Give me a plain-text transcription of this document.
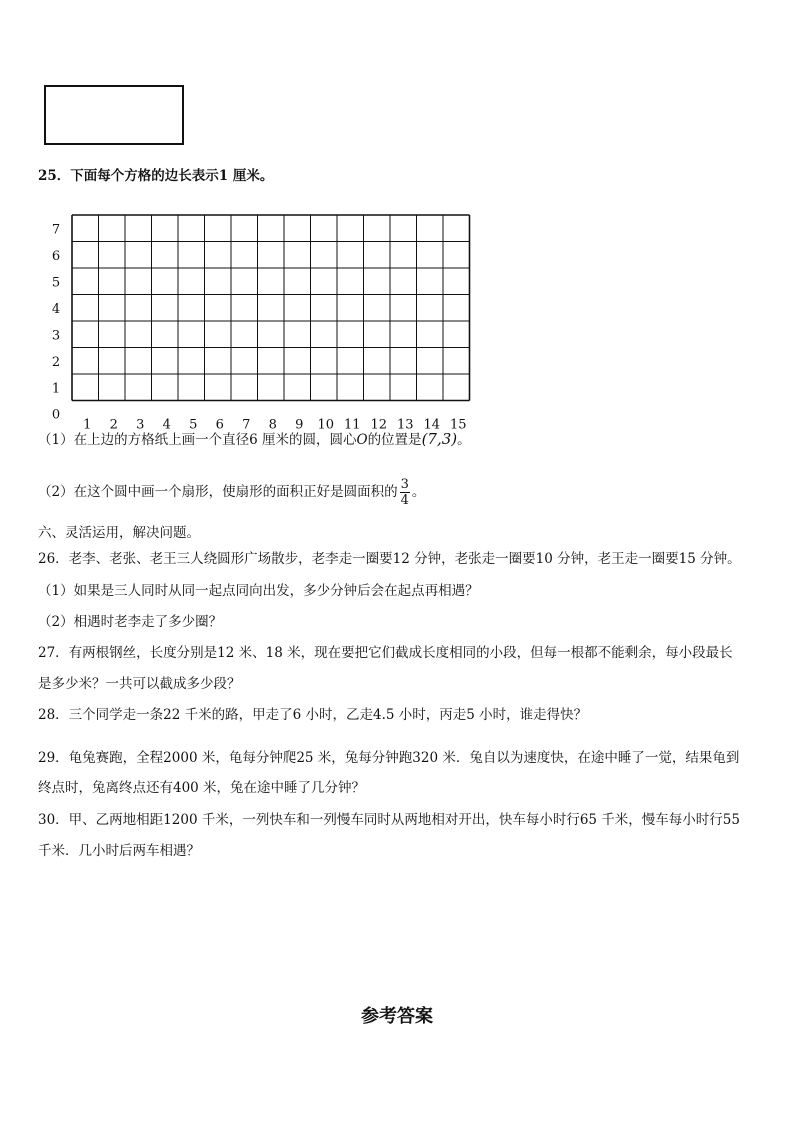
25．下面每个方格的边长表示1 厘米。
0
1
2
3
4
5
6
7
1 2 3 4 5 6 7 8 9 10 11 12 13 14 15
（1）在上边的方格纸上画一个直径6 厘米的圆，圆心O的位置是(7,3)。
（2）在这个圆中画一个扇形，使扇形的面积正好是圆面积的 $\frac{3}{4}$ 。
六、灵活运用，解决问题。
26．老李、老张、老王三人绕圆形广场散步，老李走一圈要12 分钟，老张走一圈要10 分钟，老王走一圈要15 分钟。
（1）如果是三人同时从同一起点同向出发，多少分钟后会在起点再相遇？
（2）相遇时老李走了多少圈？
27．有两根钢丝，长度分别是12 米、18 米，现在要把它们截成长度相同的小段，但每一根都不能剩余，每小段最长
是多少米？一共可以截成多少段？
28．三个同学走一条22 千米的路，甲走了6 小时，乙走4.5 小时，丙走5 小时，谁走得快？
29．龟兔赛跑，全程2000 米，龟每分钟爬25 米，兔每分钟跑320 米．兔自以为速度快，在途中睡了一觉，结果龟到
终点时，兔离终点还有400 米，兔在途中睡了几分钟？
30．甲、乙两地相距1200 千米，一列快车和一列慢车同时从两地相对开出，快车每小时行65 千米，慢车每小时行55
千米．几小时后两车相遇？
参考答案
